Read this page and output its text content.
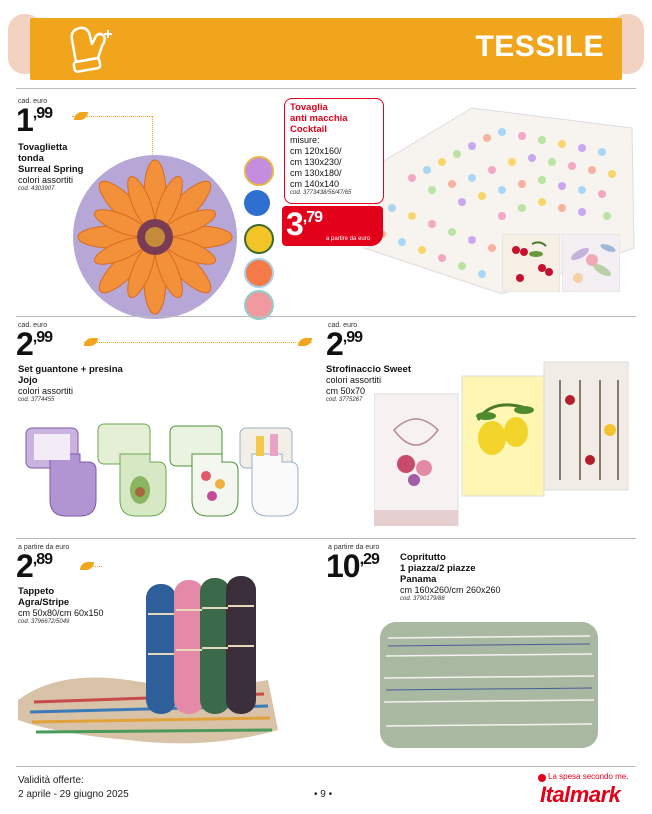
TESSILE
cad. euro
1,99
Tovaglietta
tonda
Surreal Spring
colori assortiti
cod. 4303907
Tovaglia
anti macchia
Cocktail
misure:
cm 120x160/
cm 130x230/
cm 130x180/
cm 140x140
cod. 3773438/56/47/65
3,79
a partire da euro
cad. euro
2,99
Set guantone + presina
Jojo
colori assortiti
cod. 3774455
cad. euro
2,99
Strofinaccio Sweet
colori assortiti
cm 50x70
cod. 3775267
a partire da euro
2,89
Tappeto
Agra/Stripe
cm 50x80/cm 60x150
cod. 3796672/5049
a partire da euro
10,29 Copritutto
1 piazza/2 piazze
Panama
cm 160x260/cm 260x260
cod. 3790179/88
Validità offerte:
2 aprile - 29 giugno 2025	• 9 •
La spesa secondo me.
Italmark
